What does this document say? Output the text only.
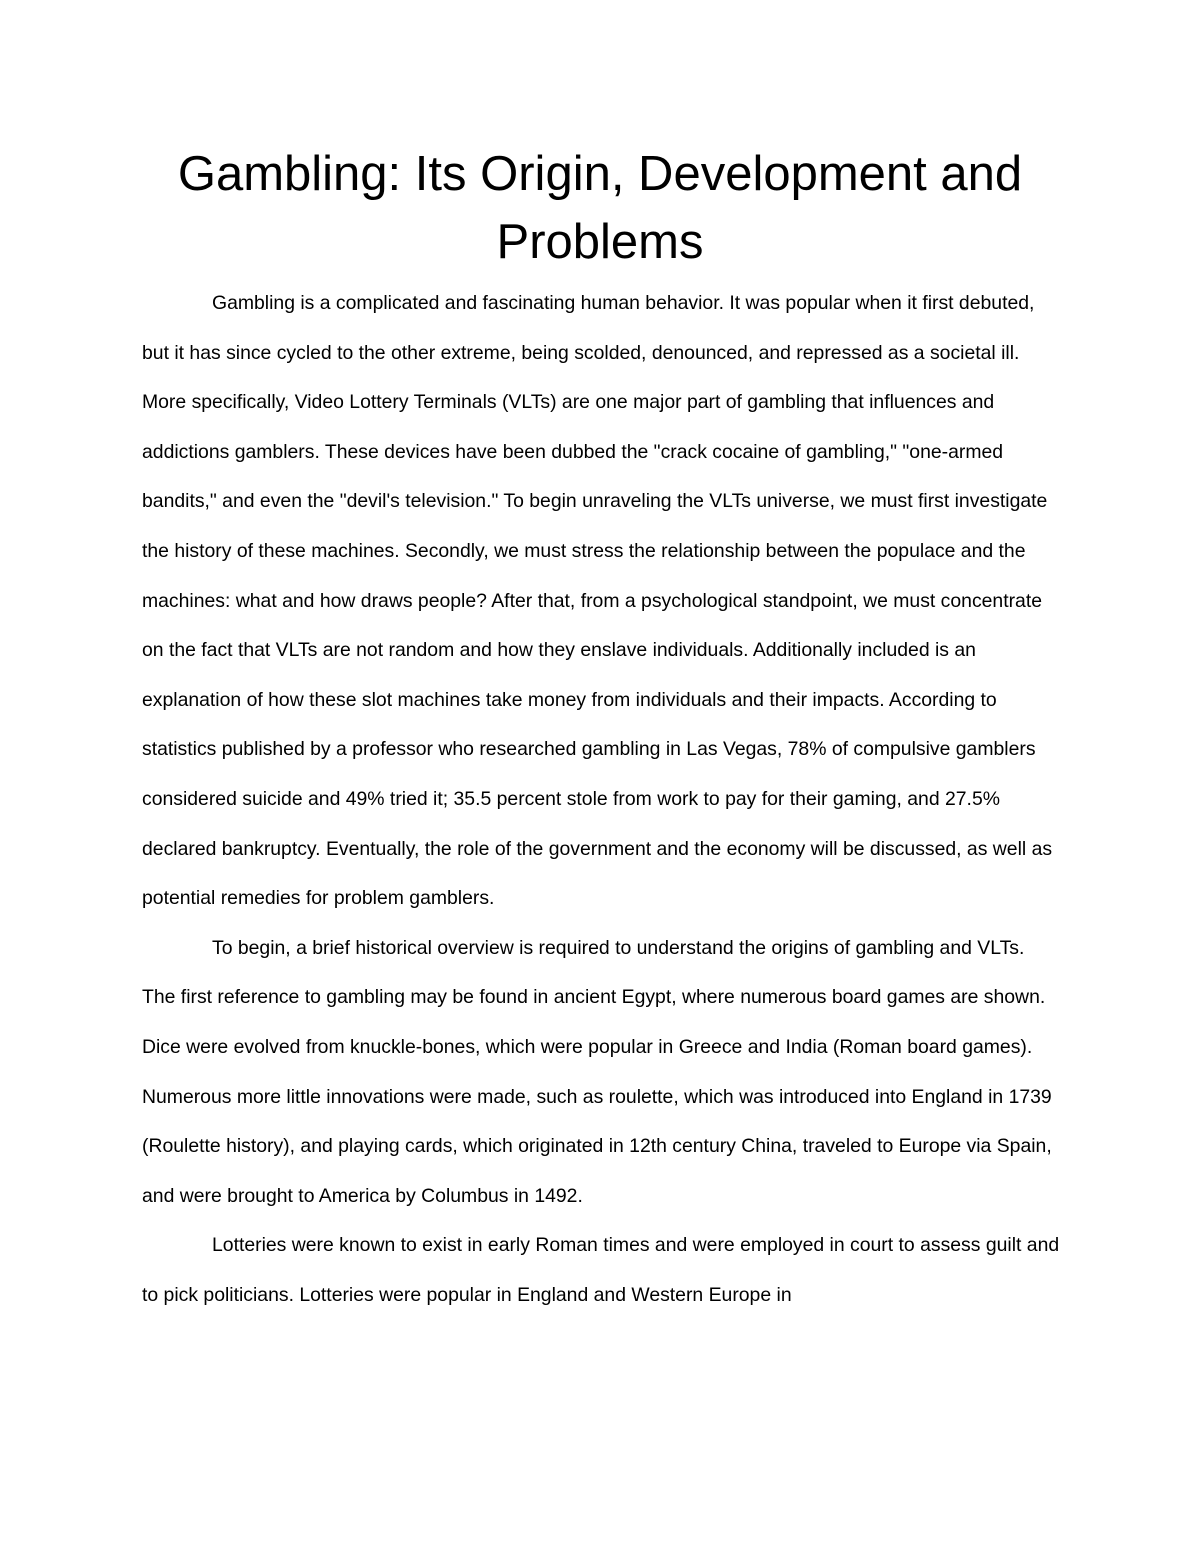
Gambling: Its Origin, Development and Problems

Gambling is a complicated and fascinating human behavior. It was popular when it first debuted, but it has since cycled to the other extreme, being scolded, denounced, and repressed as a societal ill. More specifically, Video Lottery Terminals (VLTs) are one major part of gambling that influences and addictions gamblers. These devices have been dubbed the "crack cocaine of gambling," "one-armed bandits," and even the "devil's television." To begin unraveling the VLTs universe, we must first investigate the history of these machines. Secondly, we must stress the relationship between the populace and the machines: what and how draws people? After that, from a psychological standpoint, we must concentrate on the fact that VLTs are not random and how they enslave individuals. Additionally included is an explanation of how these slot machines take money from individuals and their impacts. According to statistics published by a professor who researched gambling in Las Vegas, 78% of compulsive gamblers considered suicide and 49% tried it; 35.5 percent stole from work to pay for their gaming, and 27.5% declared bankruptcy. Eventually, the role of the government and the economy will be discussed, as well as potential remedies for problem gamblers.

To begin, a brief historical overview is required to understand the origins of gambling and VLTs. The first reference to gambling may be found in ancient Egypt, where numerous board games are shown. Dice were evolved from knuckle-bones, which were popular in Greece and India (Roman board games). Numerous more little innovations were made, such as roulette, which was introduced into England in 1739 (Roulette history), and playing cards, which originated in 12th century China, traveled to Europe via Spain, and were brought to America by Columbus in 1492.

Lotteries were known to exist in early Roman times and were employed in court to assess guilt and to pick politicians. Lotteries were popular in England and Western Europe in
